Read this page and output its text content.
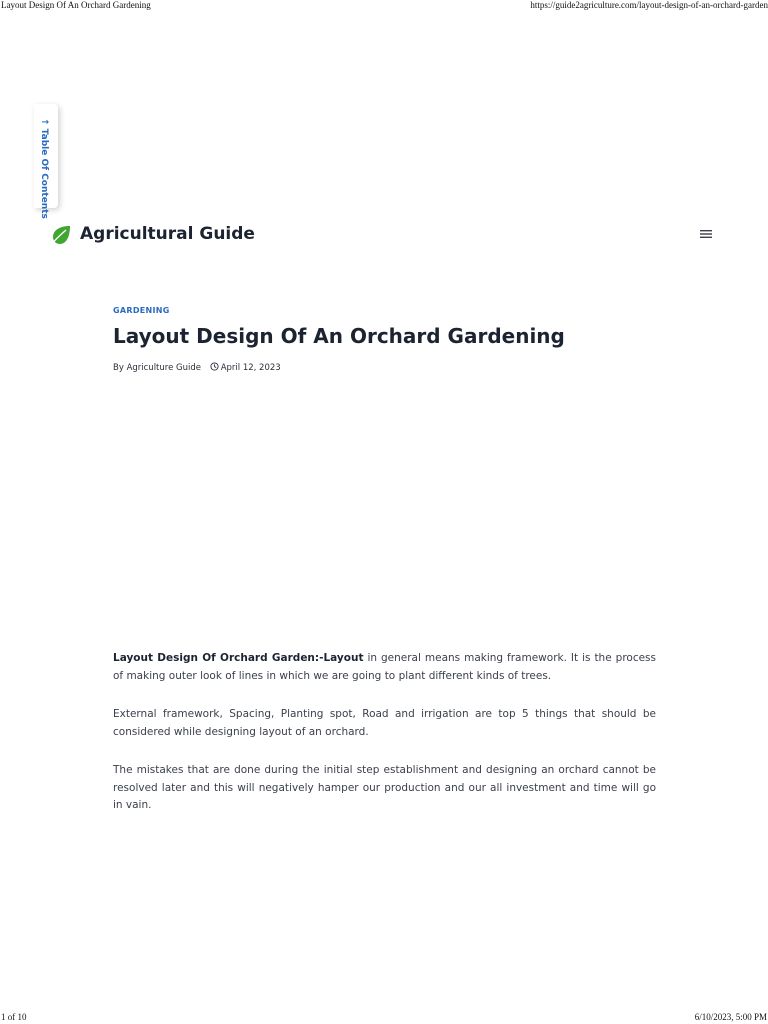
Layout Design Of An Orchard Gardening	https://guide2agriculture.com/layout-design-of-an-orchard-garden
↑ Table Of Contents
Agricultural Guide
GARDENING
Layout Design Of An Orchard Gardening
By Agriculture Guide April 12, 2023

Layout Design Of Orchard Garden:-Layout in general means making framework. It is the process of making outer look of lines in which we are going to plant different kinds of trees.

External framework, Spacing, Planting spot, Road and irrigation are top 5 things that should be considered while designing layout of an orchard.

The mistakes that are done during the initial step establishment and designing an orchard cannot be resolved later and this will negatively hamper our production and our all investment and time will go in vain.

1 of 10	6/10/2023, 5:00 PM
